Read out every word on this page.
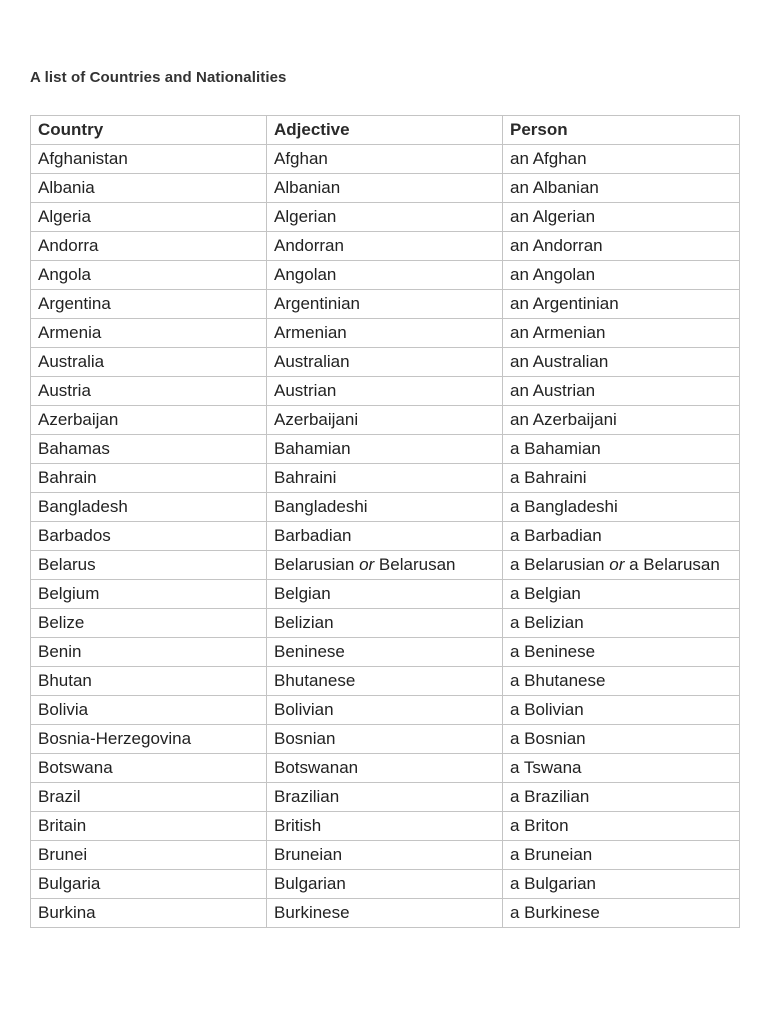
A list of Countries and Nationalities
Country	Adjective	Person
Afghanistan	Afghan	an Afghan
Albania	Albanian	an Albanian
Algeria	Algerian	an Algerian
Andorra	Andorran	an Andorran
Angola	Angolan	an Angolan
Argentina	Argentinian	an Argentinian
Armenia	Armenian	an Armenian
Australia	Australian	an Australian
Austria	Austrian	an Austrian
Azerbaijan	Azerbaijani	an Azerbaijani
Bahamas	Bahamian	a Bahamian
Bahrain	Bahraini	a Bahraini
Bangladesh	Bangladeshi	a Bangladeshi
Barbados	Barbadian	a Barbadian
Belarus	Belarusian or Belarusan	a Belarusian or a Belarusan
Belgium	Belgian	a Belgian
Belize	Belizian	a Belizian
Benin	Beninese	a Beninese
Bhutan	Bhutanese	a Bhutanese
Bolivia	Bolivian	a Bolivian
Bosnia-Herzegovina	Bosnian	a Bosnian
Botswana	Botswanan	a Tswana
Brazil	Brazilian	a Brazilian
Britain	British	a Briton
Brunei	Bruneian	a Bruneian
Bulgaria	Bulgarian	a Bulgarian
Burkina	Burkinese	a Burkinese
